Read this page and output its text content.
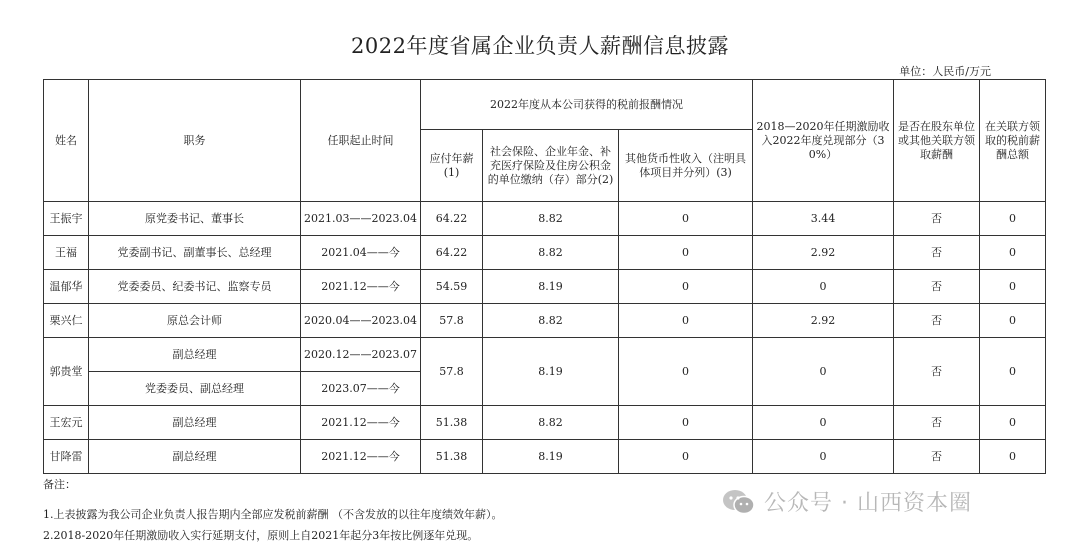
2022年度省属企业负责人薪酬信息披露
单位：人民币/万元
姓名	职务	任职起止时间	2022年度从本公司获得的税前报酬情况			2018—2020年任期激励收入2022年度兑现部分（30%）	是否在股东单位或其他关联方领取薪酬	在关联方领取的税前薪酬总额
			应付年薪(1)	社会保险、企业年金、补充医疗保险及住房公积金的单位缴纳（存）部分(2)	其他货币性收入（注明具体项目并分列）(3)			
王振宇	原党委书记、董事长	2021.03——2023.04	64.22	8.82	0	3.44	否	0
王福	党委副书记、副董事长、总经理	2021.04——今	64.22	8.82	0	2.92	否	0
温郁华	党委委员、纪委书记、监察专员	2021.12——今	54.59	8.19	0	0	否	0
栗兴仁	原总会计师	2020.04——2023.04	57.8	8.82	0	2.92	否	0
郭贵堂	副总经理	2020.12——2023.07	57.8	8.19	0	0	否	0
	党委委员、副总经理	2023.07——今						
王宏元	副总经理	2021.12——今	51.38	8.82	0	0	否	0
甘降雷	副总经理	2021.12——今	51.38	8.19	0	0	否	0
备注：
1.上表披露为我公司企业负责人报告期内全部应发税前薪酬 （不含发放的以往年度绩效年薪）。
2.2018-2020年任期激励收入实行延期支付，原则上自2021年起分3年按比例逐年兑现。
公众号 · 山西资本圈
